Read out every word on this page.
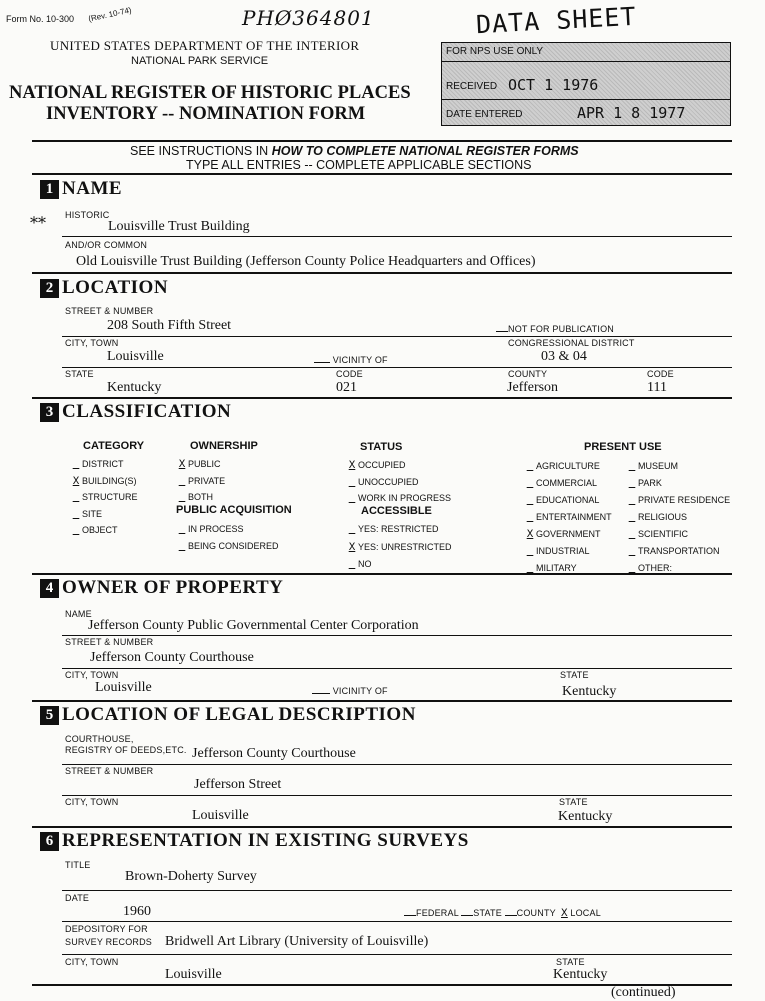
Form No. 10-300 (Rev. 10-74)	PHØ364801	DATA SHEET
UNITED STATES DEPARTMENT OF THE INTERIOR
NATIONAL PARK SERVICE
NATIONAL REGISTER OF HISTORIC PLACES
INVENTORY -- NOMINATION FORM
FOR NPS USE ONLY
RECEIVED OCT 1 1976
DATE ENTERED	APR 1 8 1977
SEE INSTRUCTIONS IN HOW TO COMPLETE NATIONAL REGISTER FORMS
TYPE ALL ENTRIES -- COMPLETE APPLICABLE SECTIONS
1 NAME
⁎⁎ HISTORIC
Louisville Trust Building
AND/OR COMMON
Old Louisville Trust Building (Jefferson County Police Headquarters and Offices)
2 LOCATION
STREET & NUMBER
208 South Fifth Street	NOT FOR PUBLICATION
CITY, TOWN	CONGRESSIONAL DISTRICT
Louisville	VICINITY OF	03 & 04
STATE	CODE	COUNTY	CODE
Kentucky	021	Jefferson	111
3 CLASSIFICATION
CATEGORY
DISTRICT
X BUILDING(S)
STRUCTURE
SITE
OBJECT
OWNERSHIP
X PUBLIC
PRIVATE
BOTH
PUBLIC ACQUISITION
IN PROCESS
BEING CONSIDERED
STATUS
X OCCUPIED
UNOCCUPIED
WORK IN PROGRESS
ACCESSIBLE
YES: RESTRICTED
X YES: UNRESTRICTED
NO
PRESENT USE
AGRICULTURE
COMMERCIAL
EDUCATIONAL
ENTERTAINMENT
X GOVERNMENT
INDUSTRIAL
MILITARY
MUSEUM
PARK
PRIVATE RESIDENCE
RELIGIOUS
SCIENTIFIC
TRANSPORTATION
OTHER:
4 OWNER OF PROPERTY
NAME
Jefferson County Public Governmental Center Corporation
STREET & NUMBER
Jefferson County Courthouse
CITY, TOWN	STATE
Louisville	VICINITY OF	Kentucky
5 LOCATION OF LEGAL DESCRIPTION
COURTHOUSE,
REGISTRY OF DEEDS,ETC. Jefferson County Courthouse
STREET & NUMBER
Jefferson Street
CITY, TOWN	STATE
Louisville	Kentucky
6 REPRESENTATION IN EXISTING SURVEYS
TITLE
Brown-Doherty Survey
DATE
1960	FEDERAL STATE COUNTY X LOCAL
DEPOSITORY FOR
SURVEY RECORDS Bridwell Art Library (University of Louisville)
CITY, TOWN	STATE
Louisville	Kentucky
(continued)
